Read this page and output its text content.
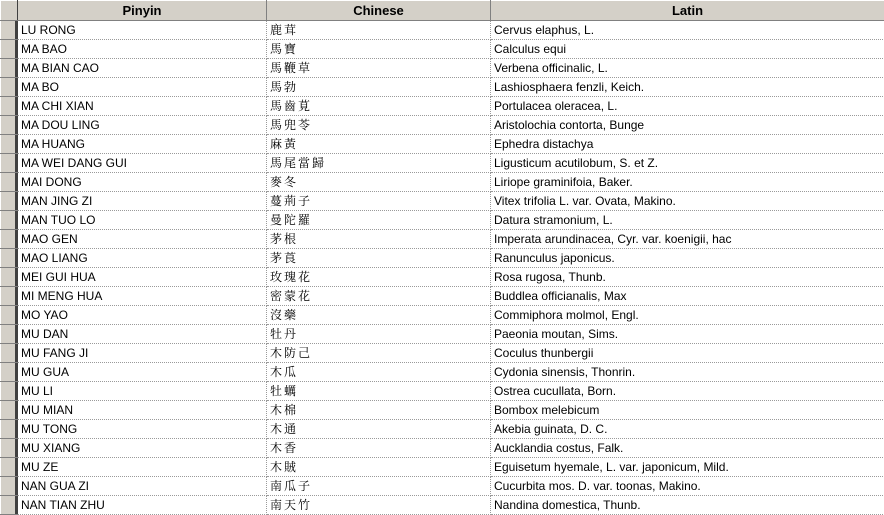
	Pinyin	Chinese	Latin

	LU RONG	鹿茸	Cervus elaphus, L.

	MA BAO	馬寶	Calculus equi

	MA BIAN CAO	馬鞭草	Verbena officinalic, L.

	MA BO	馬勃	Lashiosphaera fenzli, Keich.

	MA CHI XIAN	馬齒莧	Portulacea oleracea, L.

	MA DOU LING	馬兜苓	Aristolochia contorta, Bunge

	MA HUANG	麻黃	Ephedra distachya

	MA WEI DANG GUI	馬尾當歸	Ligusticum acutilobum, S. et Z.

	MAI DONG	麥冬	Liriope graminifoia, Baker.

	MAN JING ZI	蔓荊子	Vitex trifolia L. var. Ovata, Makino.

	MAN TUO LO	曼陀羅	Datura stramonium, L.

	MAO GEN	茅根	Imperata arundinacea, Cyr. var. koenigii, hac

	MAO LIANG	茅莨	Ranunculus japonicus.

	MEI GUI HUA	玫瑰花	Rosa rugosa, Thunb.

	MI MENG HUA	密蒙花	Buddlea officianalis, Max

	MO YAO	沒藥	Commiphora molmol, Engl.

	MU DAN	牡丹	Paeonia moutan, Sims.

	MU FANG JI	木防己	Coculus thunbergii

	MU GUA	木瓜	Cydonia sinensis, Thonrin.

	MU LI	牡蠣	Ostrea cucullata, Born.

	MU MIAN	木棉	Bombox melebicum

	MU TONG	木通	Akebia guinata, D. C.

	MU XIANG	木香	Aucklandia costus, Falk.

	MU ZE	木賊	Eguisetum hyemale, L. var. japonicum, Mild.

	NAN GUA ZI	南瓜子	Cucurbita mos. D. var. toonas, Makino.

	NAN TIAN ZHU	南天竹	Nandina domestica, Thunb.
